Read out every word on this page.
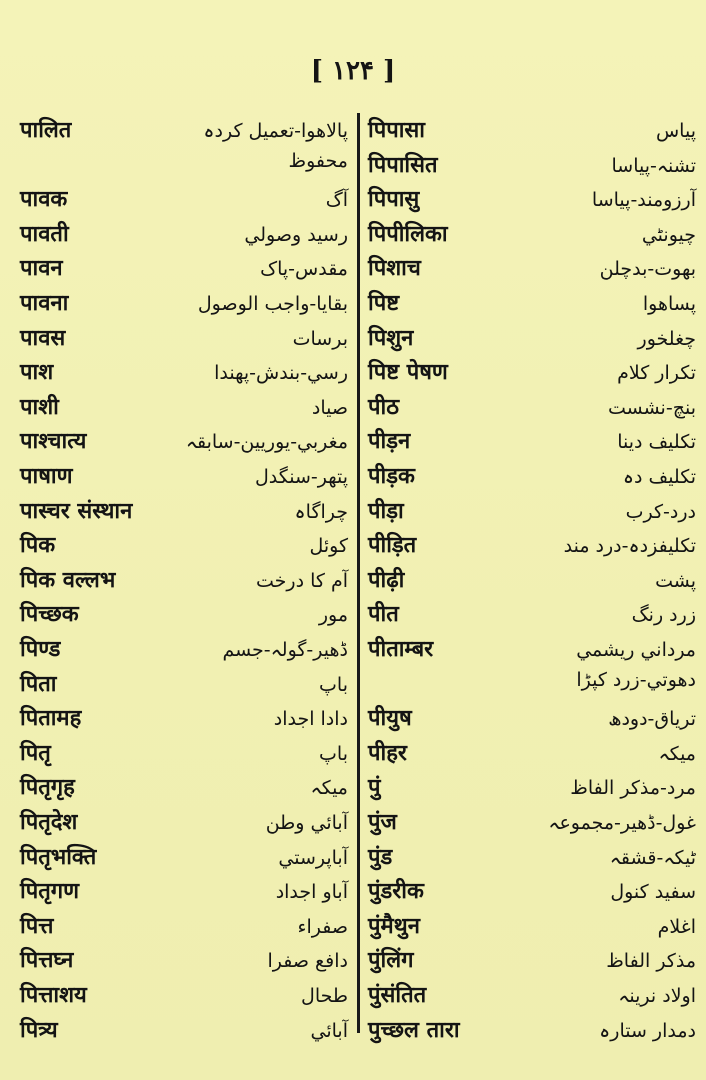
[ ۱۲۴ ]
पालित	پالاھوا-تعمیل کردہ
محفوظ
पावक	آگ
पावती	رسید وصولي
पावन	مقدس-پاک
पावना	بقایا-واجب الوصول
पावस	برسات
पाश	رسي-بندش-پھندا
पाशी	صیاد
पाश्चात्य	مغربي-یوریین-سابقہ
पाषाण	پتھر-سنگدل
पास्चर संस्थान	چراگاہ
पिक	کوئل
पिक वल्लभ	آم کا درخت
पिच्छक	مور
पिण्ड	ڈھیر-گولہ-جسم
पिता	باپ
पितामह	دادا اجداد
पितृ	باپ
पितृगृह	میکہ
पितृदेश	آبائي وطن
पितृभक्ति	آباپرستي
पितृगण	آباو اجداد
पित्त	صفراء
पित्तघ्न	دافع صفرا
पित्ताशय	طحال
पित्र्य	آبائي
पिपासा	پیاس
पिपासित	تشنہ-پیاسا
पिपासु	آرزومند-پیاسا
पिपीलिका	چیونٹي
पिशाच	بھوت-بدچلن
पिष्ट	پساھوا
पिशुन	چغلخور
पिष्ट पेषण	تکرار کلام
पीठ	بنچ-نشست
पीड़न	تکلیف دینا
पीड़क	تکلیف دہ
पीड़ा	درد-کرب
पीड़ित	تکلیفزدہ-درد مند
पीढ़ी	پشت
पीत	زرد رنگ
पीताम्बर	مرداني ریشمي
دھوتي-زرد کپڑا
पीयुष	تریاق-دودھ
पीहर	میکہ
पुं	مرد-مذکر الفاظ
पुंज	غول-ڈھیر-مجموعہ
पुंड	ٹیکہ-قشقہ
पुंडरीक	سفید کنول
पुंमैथुन	اغلام
पुंलिंग	مذکر الفاظ
पुंसंतित	اولاد نرینہ
पुच्छल तारा	دمدار ستارہ
